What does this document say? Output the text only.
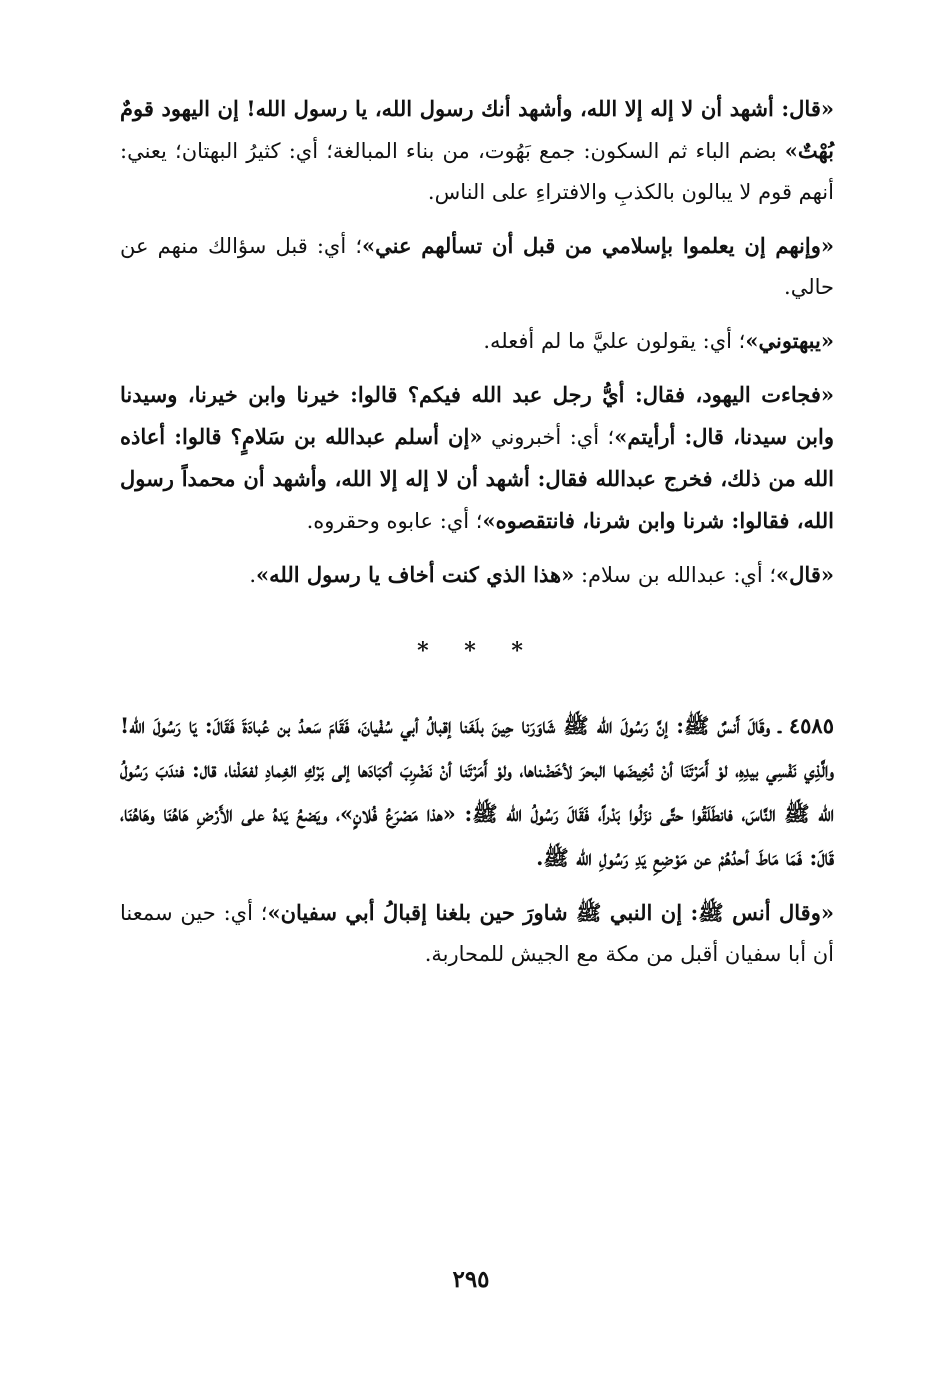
«قال: أشهد أن لا إله إلا الله، وأشهد أنك رسول الله، يا رسول الله! إن اليهود قومٌ بُهْتٌ» بضم الباء ثم السكون: جمع بَهُوت، من بناء المبالغة؛ أي: كثيرُ البهتان؛ يعني: أنهم قوم لا يبالون بالكذبِ والافتراءِ على الناس.

«وإنهم إن يعلموا بإسلامي من قبل أن تسألهم عني»؛ أي: قبل سؤالك منهم عن حالي.

«يبهتوني»؛ أي: يقولون عليَّ ما لم أفعله.

«فجاءت اليهود، فقال: أيُّ رجل عبد الله فيكم؟ قالوا: خيرنا وابن خيرنا، وسيدنا وابن سيدنا، قال: أرأيتم»؛ أي: أخبروني «إن أسلم عبدالله بن سَلامٍ؟ قالوا: أعاذه الله من ذلك، فخرج عبدالله فقال: أشهد أن لا إله إلا الله، وأشهد أن محمداً رسول الله، فقالوا: شرنا وابن شرنا، فانتقصوه»؛ أي: عابوه وحقروه.

«قال»؛ أي: عبدالله بن سلام: «هذا الذي كنت أخاف يا رسول الله».

* * *

٤٥٨٥ ـ وقَالَ أَنسٌ ﷺ: إنَّ رَسُولَ الله ﷺ شَاوَرَنا حِينَ بلَغَنا إقبالُ أبي سُفْيانَ، فَقَامَ سَعدُ بن عُبادَةَ فَقَالَ: يَا رَسُولَ الله! والَّذِي نَفْسِي بيدِهِ، لوْ أَمَرْتَنَا أنْ نُخِيضَها البحرَ لأخَضْناها، ولوْ أَمَرْتَنا أنْ نَضْرِبَ أكبَادَها إلى بَرْكِ الغِمادِ لفعَلْنا، قال: فندَبَ رَسُولُ الله ﷺ النَّاسَ، فانطَلَقُوا حتَّى نزَلُوا بَدْراً، فَقَالَ رَسُولُ الله ﷺ: «هذا مَصْرَعُ فُلانٍ»، ويَضعُ يَدهُ على الأَرْضِ هَاهُنَا وهَاهُنَا، قَالَ: فَمَا مَاطَ أحدُهُمْ عن مَوْضِعِ يَدِ رَسُولِ الله ﷺ.

«وقال أنس ﷺ: إن النبي ﷺ شاورَ حين بلغنا إقبالُ أبي سفيان»؛ أي: حين سمعنا أن أبا سفيان أقبل من مكة مع الجيش للمحاربة.

٢٩٥
